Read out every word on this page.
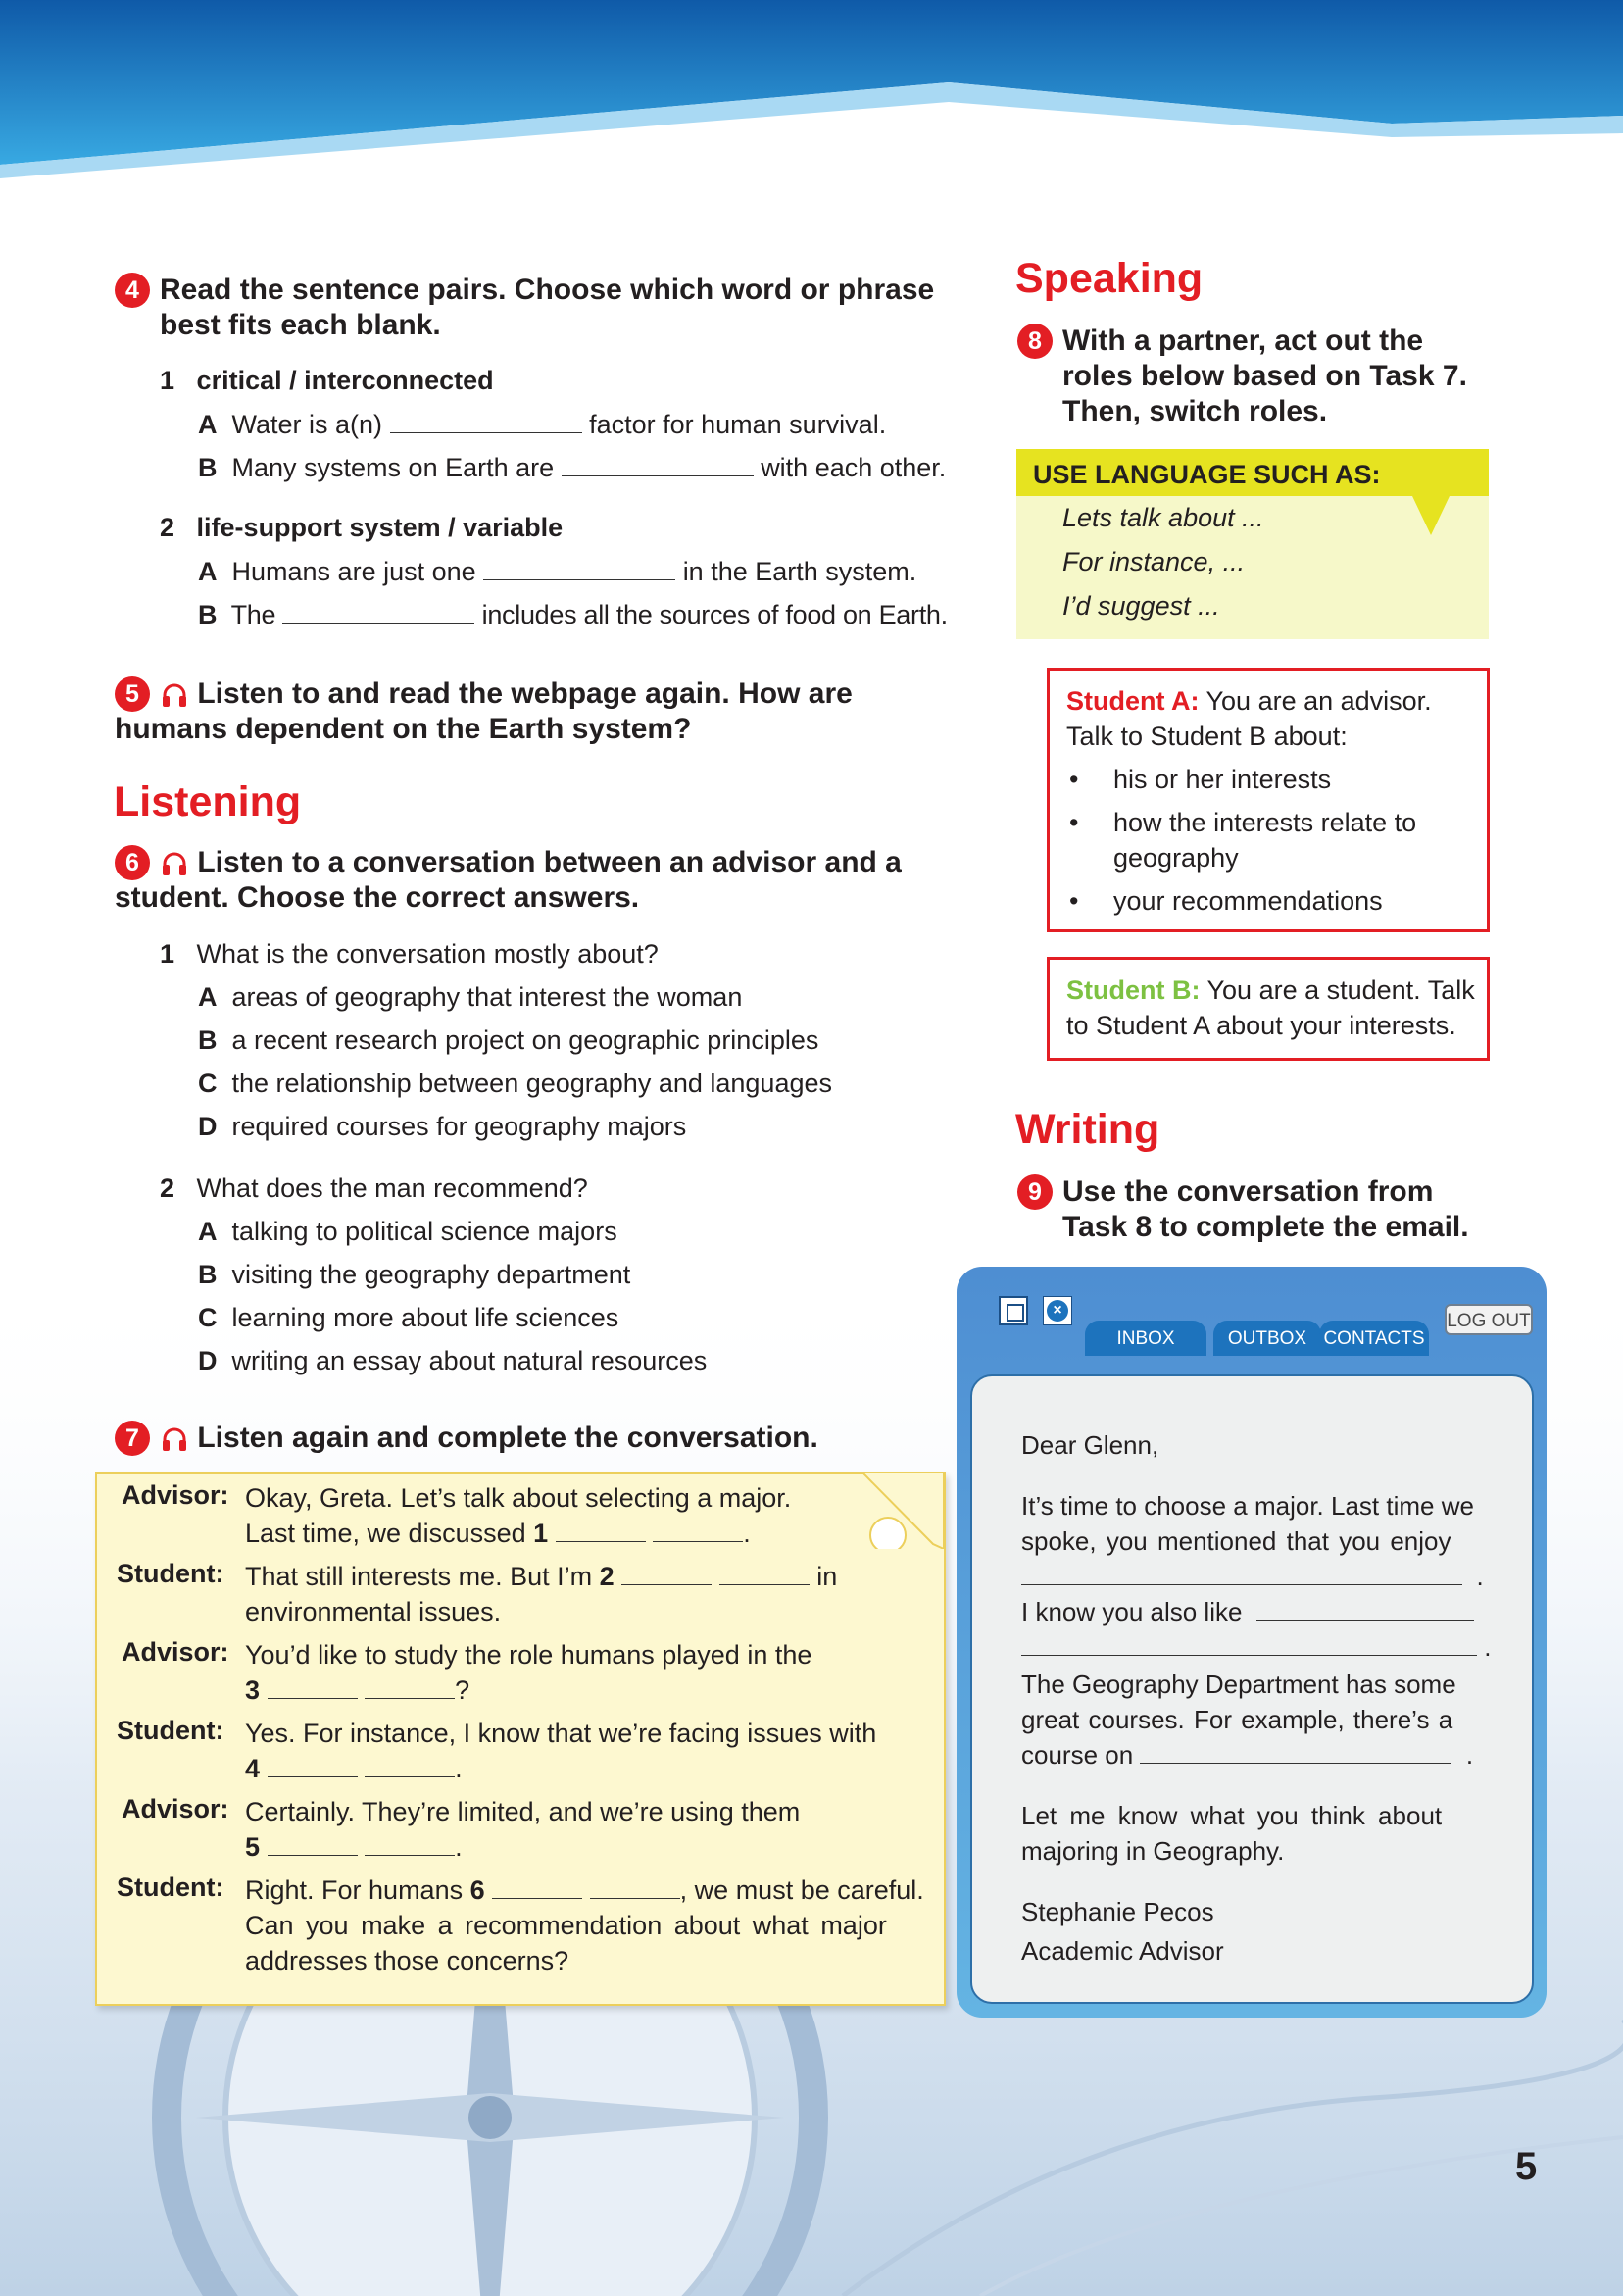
4 Read the sentence pairs. Choose which word or phrase
best fits each blank.
1 critical / interconnected
A Water is a(n)	factor for human survival.
B Many systems on Earth are	with each other.
2 life-support system / variable
A Humans are just one	in the Earth system.
B The	includes all the sources of food on Earth.
5	Listen to and read the webpage again. How are
humans dependent on the Earth system?
Listening
6	Listen to a conversation between an advisor and a
student. Choose the correct answers.
1 What is the conversation mostly about?
A areas of geography that interest the woman
B a recent research project on geographic principles
C the relationship between geography and languages
D required courses for geography majors
2 What does the man recommend?
A talking to political science majors
B visiting the geography department
C learning more about life sciences
D writing an essay about natural resources
7	Listen again and complete the conversation.
Advisor: Okay, Greta. Let’s talk about selecting a major.
Last time, we discussed 1	.
Student: That still interests me. But I’m 2	in
environmental issues.
Advisor: You’d like to study the role humans played in the
3	?
Student: Yes. For instance, I know that we’re facing issues with
4	.
Advisor: Certainly. They’re limited, and we’re using them
5	.
Student: Right. For humans 6	, we must be careful.
Can you make a recommendation about what major
addresses those concerns?
Speaking
8 With a partner, act out the
roles below based on Task 7.
Then, switch roles.
USE LANGUAGE SUCH AS:
Lets talk about ...
For instance, ...
I’d suggest ...
Student A: You are an advisor.
Talk to Student B about:
• his or her interests
• how the interests relate to
geography
• your recommendations
Student B: You are a student. Talk
to Student A about your interests.
Writing
9 Use the conversation from
Task 8 to complete the email.
×
INBOX	OUTBOX CONTACTS
LOG OUT
Dear Glenn,
It’s time to choose a major. Last time we
spoke, you mentioned that you enjoy
.
I know you also like
.
The Geography Department has some
great courses. For example, there’s a
course on	.
Let me know what you think about
majoring in Geography.
Stephanie Pecos
Academic Advisor
5
